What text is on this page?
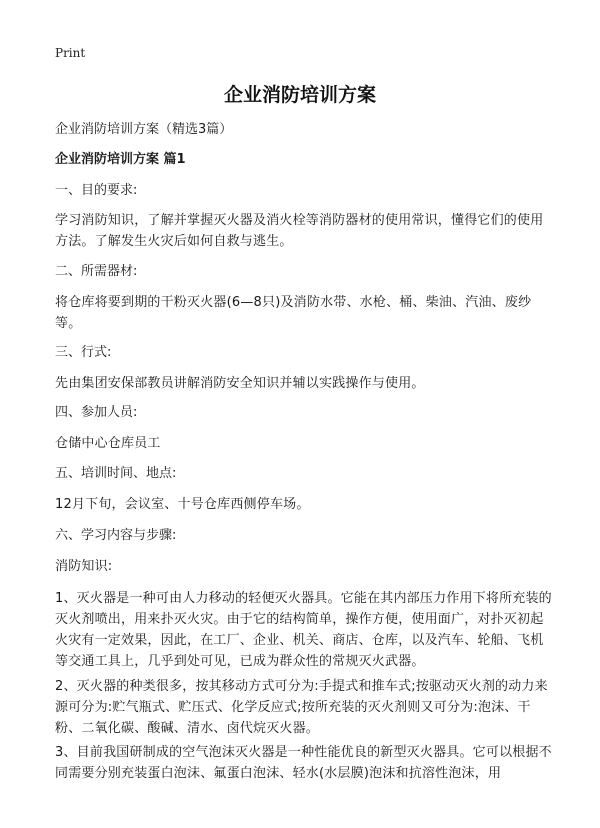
Print
企业消防培训方案
企业消防培训方案（精选3篇）
企业消防培训方案 篇1
一、目的要求:
学习消防知识，了解并掌握灭火器及消火栓等消防器材的使用常识，懂得它们的使用方法。了解发生火灾后如何自救与逃生。
二、所需器材:
将仓库将要到期的干粉灭火器(6—8只)及消防水带、水枪、桶、柴油、汽油、废纱等。
三、行式:
先由集团安保部教员讲解消防安全知识并辅以实践操作与使用。
四、参加人员:
仓储中心仓库员工
五、培训时间、地点:
12月下旬，会议室、十号仓库西侧停车场。
六、学习内容与步骤:
消防知识:
1、灭火器是一种可由人力移动的轻便灭火器具。它能在其内部压力作用下将所充装的灭火剂喷出，用来扑灭火灾。由于它的结构简单，操作方便，使用面广，对扑灭初起火灾有一定效果，因此，在工厂、企业、机关、商店、仓库，以及汽车、轮船、飞机等交通工具上，几乎到处可见，已成为群众性的常规灭火武器。
2、灭火器的种类很多，按其移动方式可分为:手提式和推车式;按驱动灭火剂的动力来源可分为:贮气瓶式、贮压式、化学反应式;按所充装的灭火剂则又可分为:泡沫、干粉、二氧化碳、酸碱、清水、卤代烷灭火器。
3、目前我国研制成的空气泡沫灭火器是一种性能优良的新型灭火器具。它可以根据不同需要分别充装蛋白泡沫、氟蛋白泡沫、轻水(水层膜)泡沫和抗溶性泡沫，用
